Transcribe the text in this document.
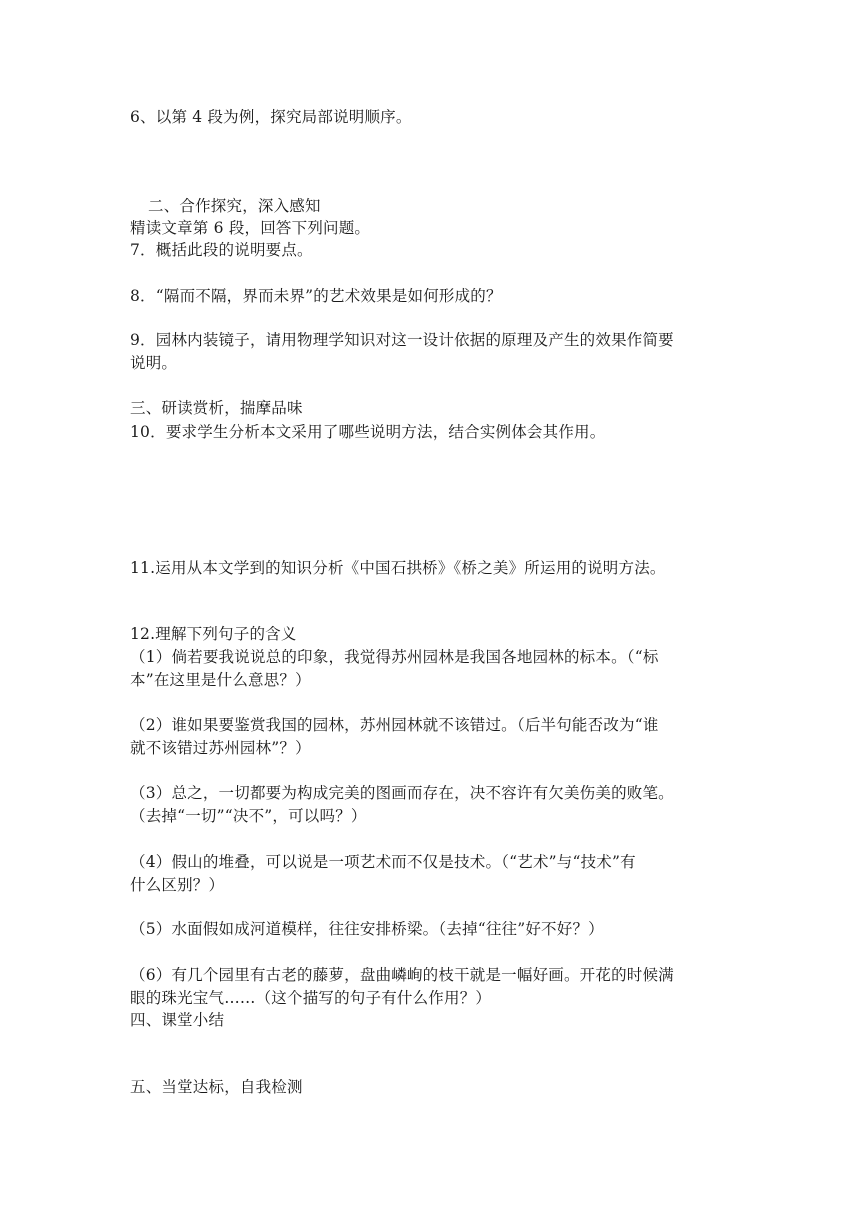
6、以第 4 段为例，探究局部说明顺序。
二、合作探究，深入感知
精读文章第 6 段，回答下列问题。
7．概括此段的说明要点。
8．“隔而不隔，界而未界”的艺术效果是如何形成的？
9．园林内装镜子，请用物理学知识对这一设计依据的原理及产生的效果作简要
说明。
三、研读赏析，揣摩品味
10．要求学生分析本文采用了哪些说明方法，结合实例体会其作用。
11.运用从本文学到的知识分析《中国石拱桥》《桥之美》所运用的说明方法。
12.理解下列句子的含义
（1）倘若要我说说总的印象，我觉得苏州园林是我国各地园林的标本。（“标
本”在这里是什么意思？）
（2）谁如果要鉴赏我国的园林，苏州园林就不该错过。（后半句能否改为“谁
就不该错过苏州园林”？）
（3）总之，一切都要为构成完美的图画而存在，决不容许有欠美伤美的败笔。
（去掉“一切”“决不”，可以吗？）
（4）假山的堆叠，可以说是一项艺术而不仅是技术。（“艺术”与“技术”有
什么区别？）
（5）水面假如成河道模样，往往安排桥梁。（去掉“往往”好不好？）
（6）有几个园里有古老的藤萝，盘曲嶙峋的枝干就是一幅好画。开花的时候满
眼的珠光宝气……（这个描写的句子有什么作用？）
四、课堂小结
五、当堂达标，自我检测
